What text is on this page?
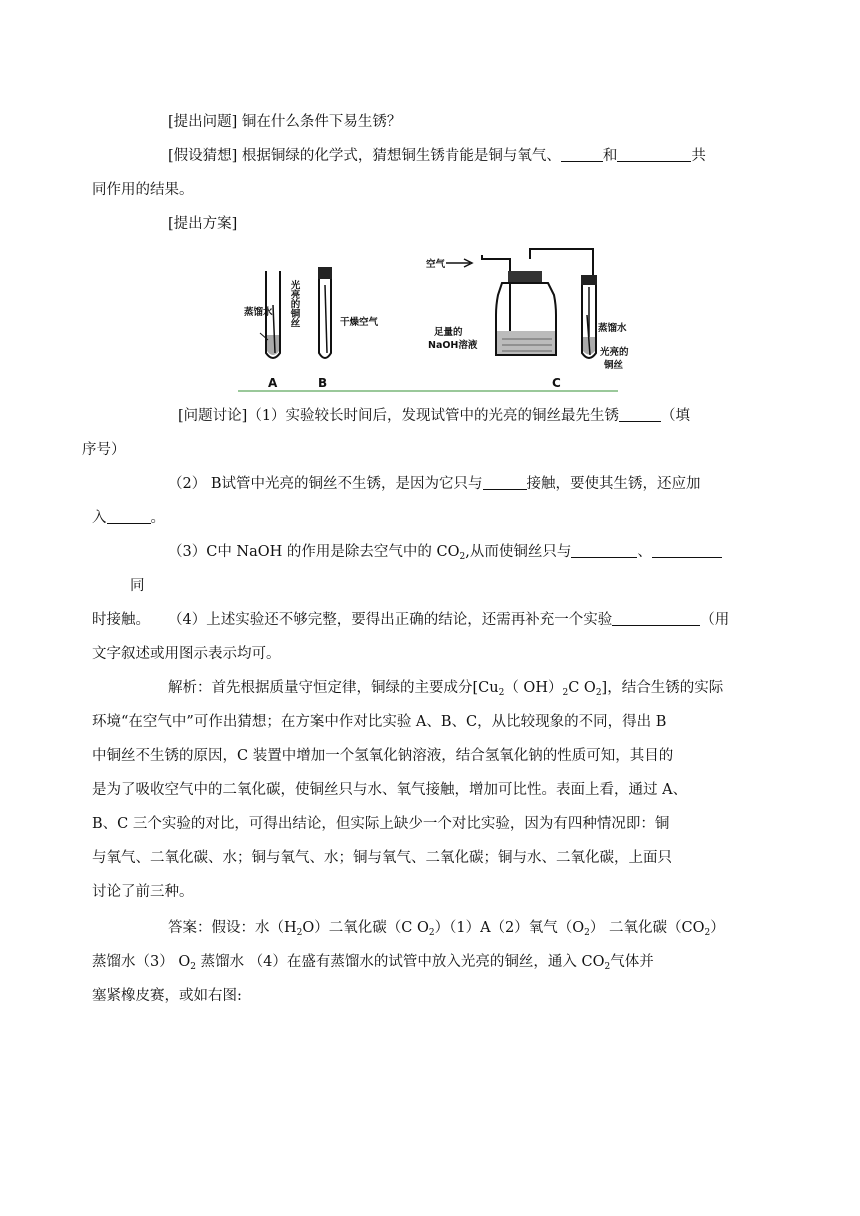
[提出问题] 铜在什么条件下易生锈？
[假设猜想] 根据铜绿的化学式，猜想铜生锈肯能是铜与氧气、	和	共
同作用的结果。
[提出方案]
蒸馏水 光亮的铜丝	干燥空气
A	B
空气
足量的
NaOH溶液
蒸馏水
光亮的
铜丝
C
[问题讨论]（1）实验较长时间后，发现试管中的光亮的铜丝最先生锈	（填
序号）
（2） B试管中光亮的铜丝不生锈，是因为它只与	接触，要使其生锈，还应加
入	。
（3）C中 NaOH 的作用是除去空气中的 $CO_2$,从而使铜丝只与	、同
时接触。	（4）上述实验还不够完整，要得出正确的结论，还需再补充一个实验	（用
文字叙述或用图示表示均可。
解析：首先根据质量守恒定律，铜绿的主要成分[$Cu_2$（ $OH)_2C$ $O_2$]，结合生锈的实际
环境“在空气中”可作出猜想；在方案中作对比实验 A、B、C，从比较现象的不同，得出 B
中铜丝不生锈的原因，C 装置中增加一个氢氧化钠溶液，结合氢氧化钠的性质可知，其目的
是为了吸收空气中的二氧化碳，使铜丝只与水、氧气接触，增加可比性。表面上看，通过 A、
B、C 三个实验的对比，可得出结论，但实际上缺少一个对比实验，因为有四种情况即：铜
与氧气、二氧化碳、水；铜与氧气、水；铜与氧气、二氧化碳；铜与水、二氧化碳，上面只
讨论了前三种。
答案：假设：水$(H_2O)$二氧化碳（C $O_2)(1)A(2)$氧气$(O_2)$ 二氧化碳$(CO_2)$
蒸馏水（3） $O_2$ 蒸馏水 （4）在盛有蒸馏水的试管中放入光亮的铜丝，通入 $CO_2$气体并
塞紧橡皮赛，或如右图:
